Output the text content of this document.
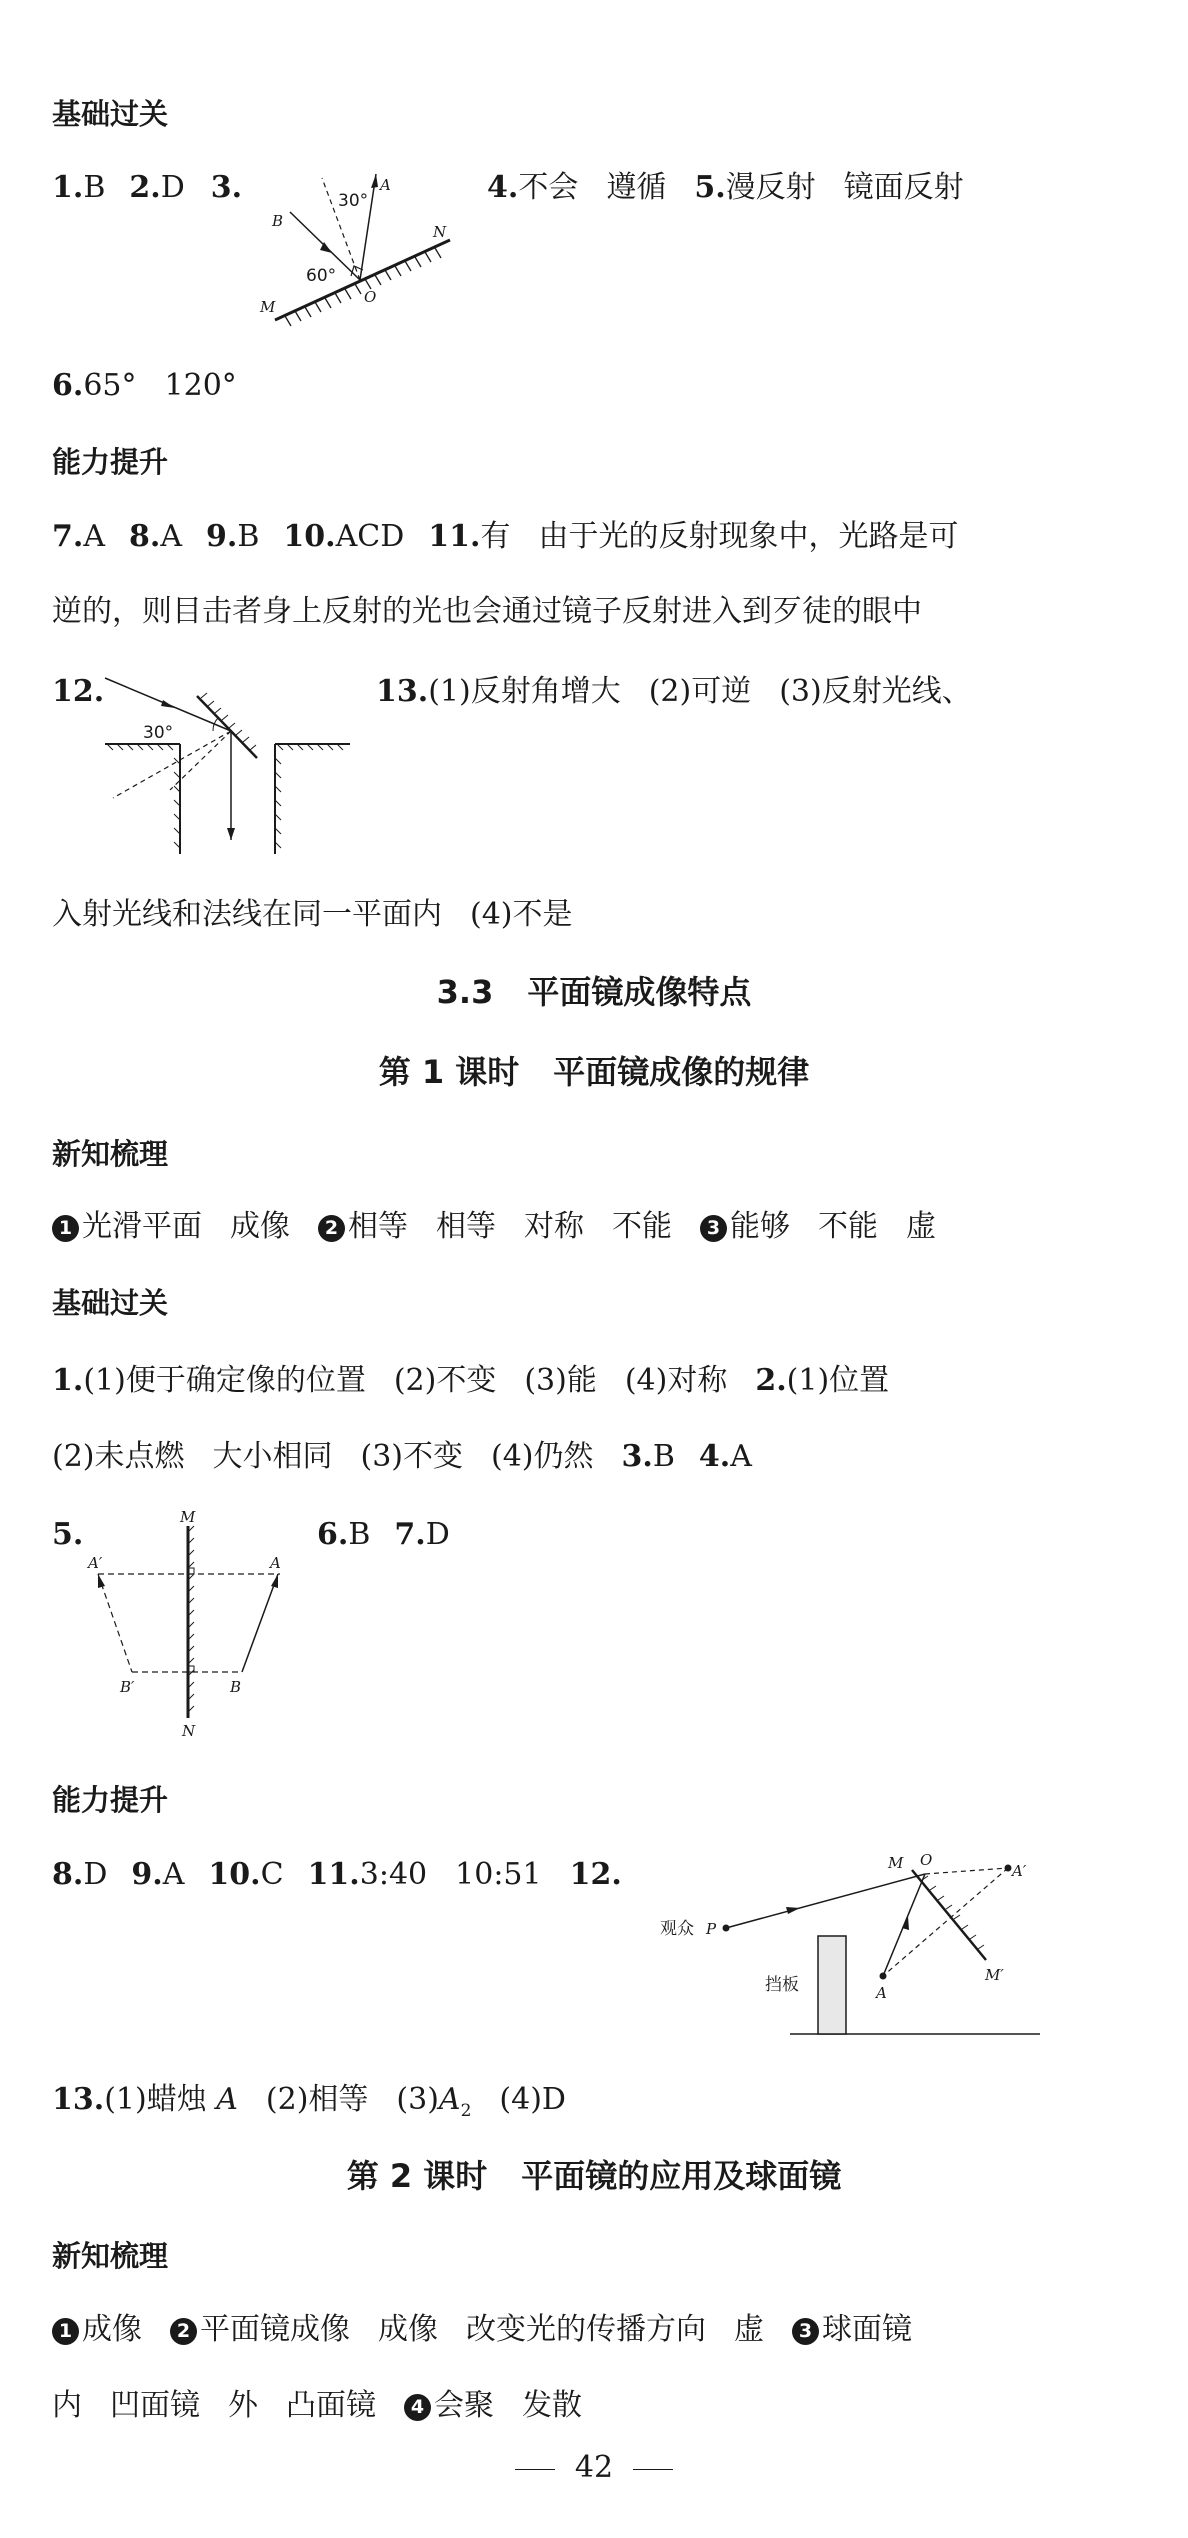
基础过关
1.B 2.D 3.	A
B
N
M
O
30°
60°
4.不会 遵循 5.漫反射 镜面反射
6.65° 120°
能力提升
7.A 8.A 9.B 10.ACD 11.有 由于光的反射现象中，光路是可
逆的，则目击者身上反射的光也会通过镜子反射进入到歹徒的眼中
12.
30°
13.(1)反射角增大 (2)可逆 (3)反射光线、
入射光线和法线在同一平面内 (4)不是
3.3 平面镜成像特点
第 1 课时 平面镜成像的规律
新知梳理
1 光滑平面 成像 2 相等 相等 对称 不能 3 能够 不能 虚
基础过关
1.(1)便于确定像的位置 (2)不变 (3)能 (4)对称 2.(1)位置
(2)未点燃 大小相同 (3)不变 (4)仍然 3.B 4.A
5.	M
N
A
A′
B
B′
6.B 7.D
能力提升
8.D 9.A 10.C 11.3:40 10:51 12.	M O
A′
A
M′
观众 P
挡板
13.(1)蜡烛 A (2)相等 $(3)A_2$ (4)D
第 2 课时 平面镜的应用及球面镜
新知梳理
1 成像 2 平面镜成像 成像 改变光的传播方向 虚 3 球面镜
内 凹面镜 外 凸面镜 4 会聚 发散
42
